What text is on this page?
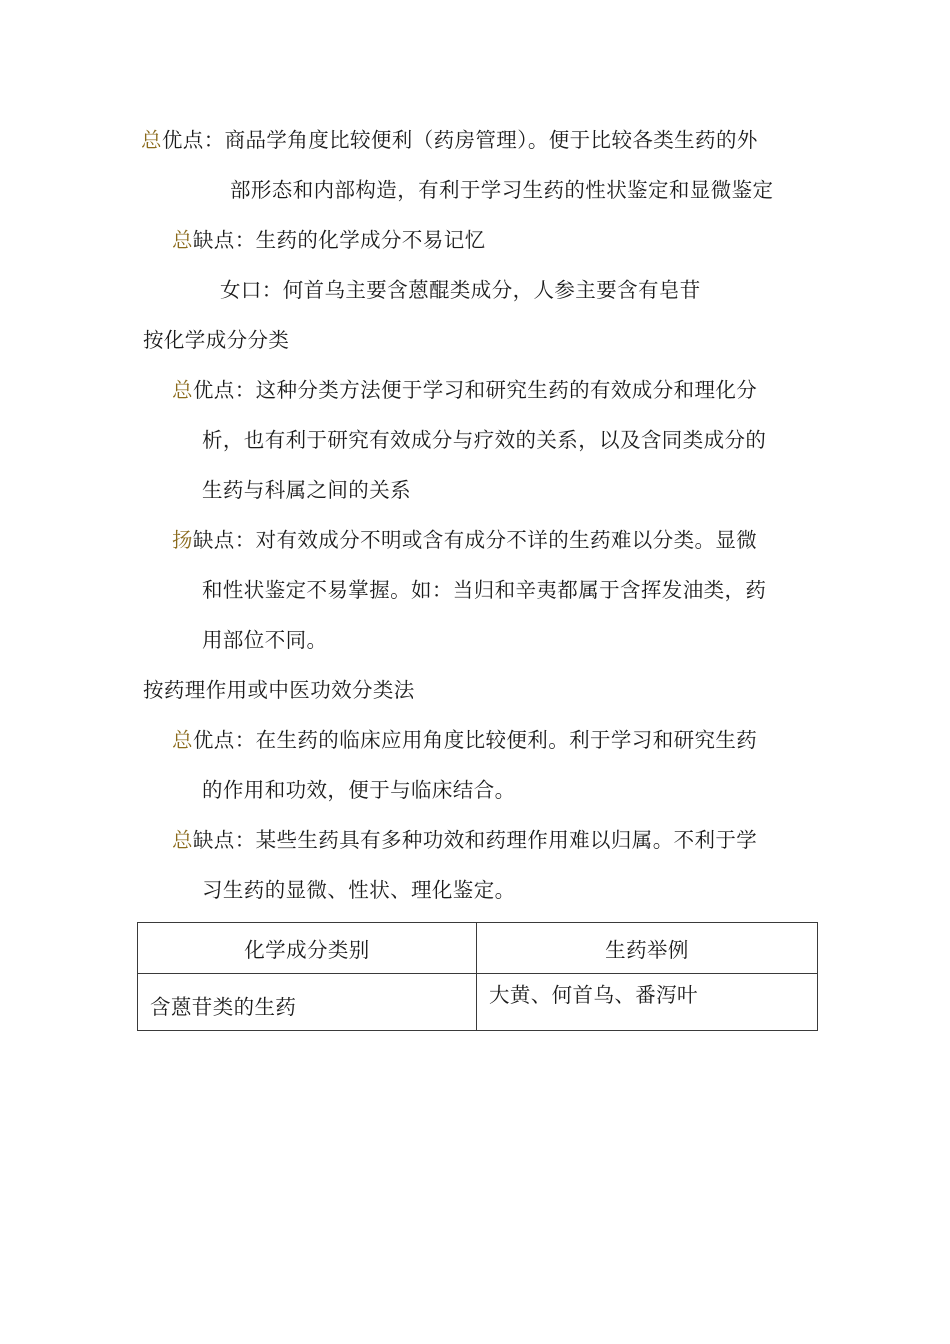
总优点：商品学角度比较便利（药房管理）。便于比较各类生药的外
部形态和内部构造，有利于学习生药的性状鉴定和显微鉴定
总缺点：生药的化学成分不易记忆
女口：何首乌主要含蒽醌类成分，人参主要含有皂苷
按化学成分分类
总优点：这种分类方法便于学习和研究生药的有效成分和理化分
析，也有利于研究有效成分与疗效的关系，以及含同类成分的
生药与科属之间的关系
扬缺点：对有效成分不明或含有成分不详的生药难以分类。显微
和性状鉴定不易掌握。如：当归和辛夷都属于含挥发油类，药
用部位不同。
按药理作用或中医功效分类法
总优点：在生药的临床应用角度比较便利。利于学习和研究生药
的作用和功效，便于与临床结合。
总缺点：某些生药具有多种功效和药理作用难以归属。不利于学
习生药的显微、性状、理化鉴定。
化学成分类别	生药举例
含蒽苷类的生药	大黄、何首乌、番泻叶
